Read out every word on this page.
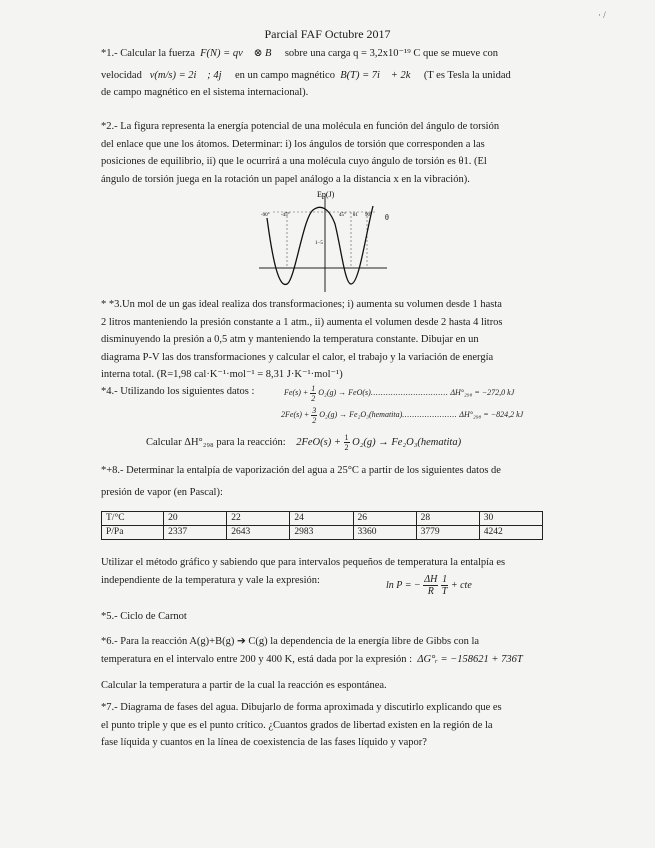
· /
Parcial FAF Octubre 2017
*1.- Calcular la fuerza F(N) = qv⃗ ⊗ B⃗ sobre una carga q = 3,2x10⁻¹⁹ C que se mueve con
velocidad v(m/s) = 2i⃗ ; 4j⃗ en un campo magnético B(T) = 7i⃗ + 2k⃗ (T es Tesla la unidad
de campo magnético en el sistema internacional).
*2.- La figura representa la energía potencial de una molécula en función del ángulo de torsión
del enlace que une los átomos. Determinar: i) los ángulos de torsión que corresponden a las
posiciones de equilibrio, ii) que le ocurrirá a una molécula cuyo ángulo de torsión es θ1. (El
ángulo de torsión juega en la rotación un papel análogo a la distancia x en la vibración).
Ep(J)
θ
-90° -45°	45° θ1 90°
1−5
* *3.Un mol de un gas ideal realiza dos transformaciones; i) aumenta su volumen desde 1 hasta
2 litros manteniendo la presión constante a 1 atm., ii) aumenta el volumen desde 2 hasta 4 litros
disminuyendo la presión a 0,5 atm y manteniendo la temperatura constante. Dibujar en un
diagrama P-V las dos transformaciones y calcular el calor, el trabajo y la variación de energía
interna total. (R=1,98 cal·K⁻¹·mol⁻¹ = 8,31 J·K⁻¹·mol⁻¹)
*4.- Utilizando los siguientes datos :	$Fe(s) + \frac{1}{2} O_2(g) \to FeO(s)$............................... ΔH°₂₉₈ = −272,0 kJ
$2Fe(s) + \frac{3}{2} O_2(g)$ → Fe₂O₃(hematita)...................... ΔH°₂₉₈ = −824,2 kJ
Calcular ΔH°₂₉₈ para la reacción: $2FeO(s) + \frac{1}{2} O_2(g)$ → Fe₂O₃(hematita)
*+8.- Determinar la entalpía de vaporización del agua a 25°C a partir de los siguientes datos de
presión de vapor (en Pascal):
T/°C	20	22	24	26	28	30
P/Pa	2337	2643	2983	3360	3779	4242
Utilizar el método gráfico y sabiendo que para intervalos pequeños de temperatura la entalpía es
independiente de la temperatura y vale la expresión:	ln P = − $\frac{\Delta H}{R}$
$\frac{1}{T}$ + cte
*5.- Ciclo de Carnot
*6.- Para la reacción A(g)+B(g) ➔ C(g) la dependencia de la energía libre de Gibbs con la
temperatura en el intervalo entre 200 y 400 K, está dada por la expresión : ΔG°ᵣ = −158621 + 736T
Calcular la temperatura a partir de la cual la reacción es espontánea.
*7.- Diagrama de fases del agua. Dibujarlo de forma aproximada y discutirlo explicando que es
el punto triple y que es el punto crítico. ¿Cuantos grados de libertad existen en la región de la
fase líquida y cuantos en la línea de coexistencia de las fases líquido y vapor?
